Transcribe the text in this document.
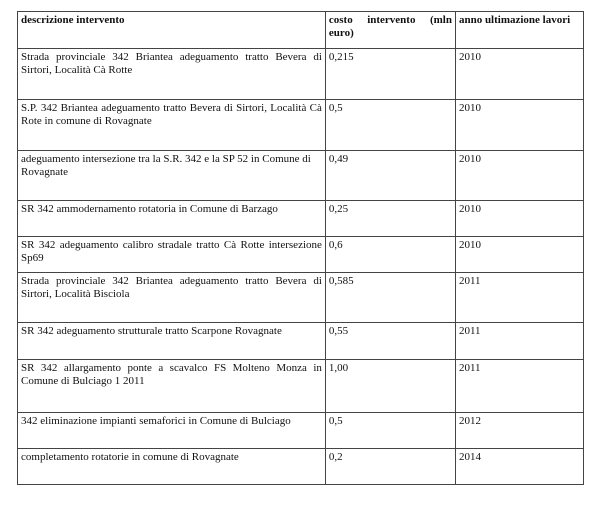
descrizione intervento	costo intervento (mln euro)	anno ultimazione lavori
Strada provinciale 342 Briantea adeguamento tratto Bevera di Sirtori, Località Cà Rotte	0,215	2010
S.P. 342 Briantea adeguamento tratto Bevera di Sirtori, Località Cà Rote in comune di Rovagnate	0,5	2010
adeguamento intersezione tra la S.R. 342 e la SP 52 in Comune di Rovagnate	0,49	2010
SR 342 ammodernamento rotatoria in Comune di Barzago	0,25	2010
SR 342 adeguamento calibro stradale tratto Cà Rotte intersezione Sp69	0,6	2010
Strada provinciale 342 Briantea adeguamento tratto Bevera di Sirtori, Località Bisciola	0,585	2011
SR 342 adeguamento strutturale tratto Scarpone Rovagnate	0,55	2011
SR 342 allargamento ponte a scavalco FS Molteno Monza in Comune di Bulciago 1 2011	1,00	2011
342 eliminazione impianti semaforici in Comune di Bulciago	0,5	2012
completamento rotatorie in comune di Rovagnate	0,2	2014
